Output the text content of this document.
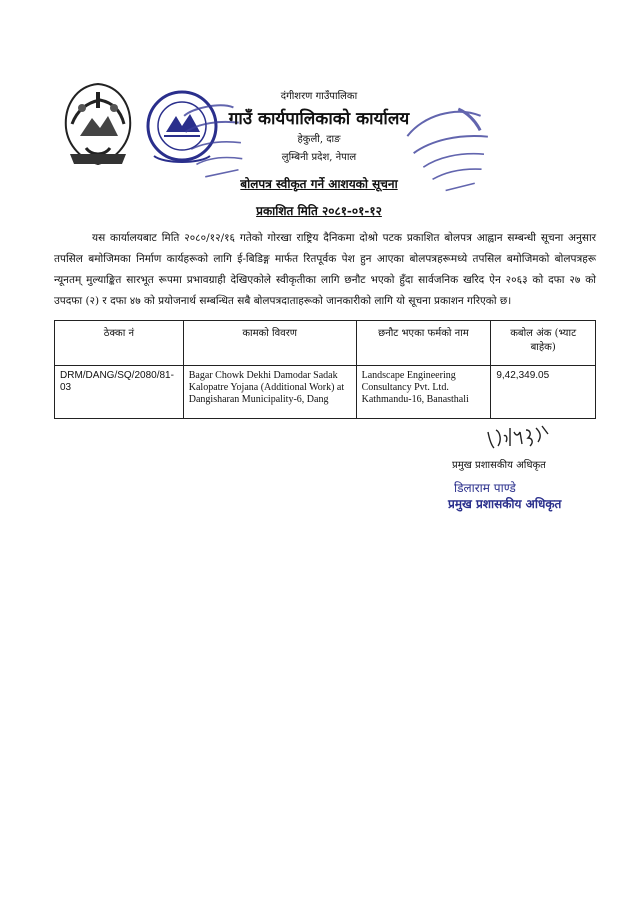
दंगीशरण गाउँपालिका
गाउँ कार्यपालिकाको कार्यालय
हेकुली, दाङ
लुम्बिनी प्रदेश, नेपाल
बोलपत्र स्वीकृत गर्ने आशयको सूचना
प्रकाशित मिति २०८१-०१-१२
यस कार्यालयबाट मिति २०८०/१२/१६ गतेको गोरखा राष्ट्रिय दैनिकमा दोश्रो पटक प्रकाशित बोलपत्र आह्वान सम्बन्धी सूचना अनुसार तपसिल बमोजिमका निर्माण कार्यहरूको लागि ई-बिडिङ्ग मार्फत रितपूर्वक पेश हुन आएका बोलपत्रहरूमध्ये तपसिल बमोजिमको बोलपत्रहरू न्यूनतम् मुल्याङ्कित सारभूत रूपमा प्रभावग्राही देखिएकोले स्वीकृतीका लागि छनौट भएको हुँदा सार्वजनिक खरिद ऐन २०६३ को दफा २७ को उपदफा (२) र दफा ४७ को प्रयोजनार्थ सम्बन्धित सबै बोलपत्रदाताहरूको जानकारीको लागि यो सूचना प्रकाशन गरिएको छ।
ठेक्का नं	कामको विवरण	छनौट भएका फर्मको नाम	कबोल अंक (भ्याट बाहेक)
DRM/DANG/SQ/2080/81-03	Bagar Chowk Dekhi Damodar Sadak Kalopatre Yojana (Additional Work) at Dangisharan Municipality-6, Dang	Landscape Engineering Consultancy Pvt. Ltd. Kathmandu-16, Banasthali	9,42,349.05
प्रमुख प्रशासकीय अधिकृत
डिलाराम पाण्डे
प्रमुख प्रशासकीय अधिकृत
